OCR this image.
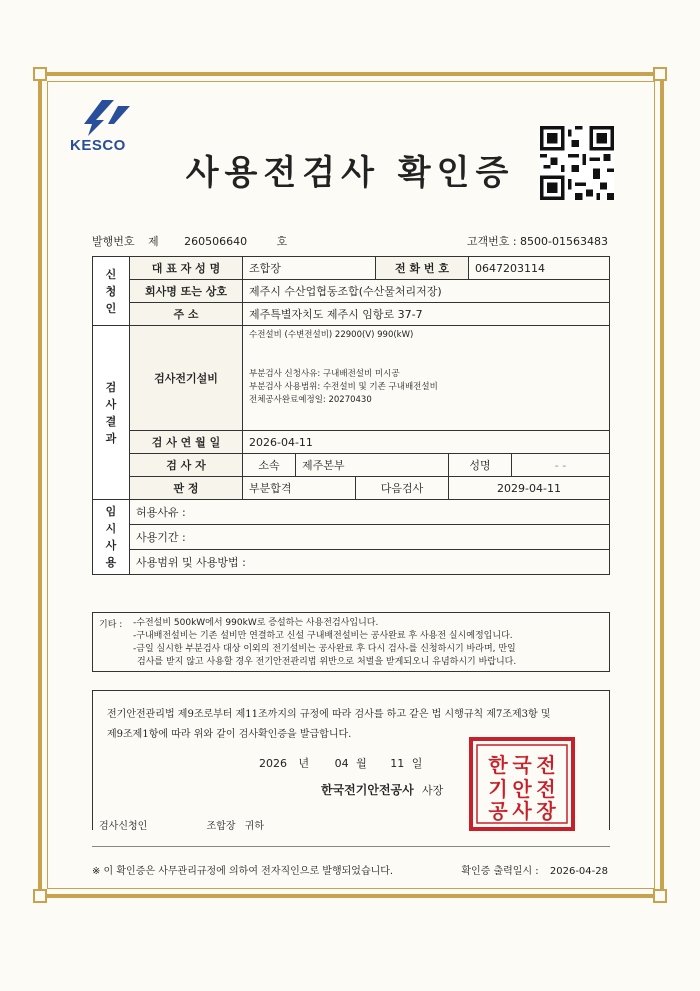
KESCO
사용전검사 확인증
발행번호 제 260506640	호	고객번호 : 8500-01563483
신
청
인
	대 표 자 성 명	조합장	전 화 번 호	0647203114
회사명 또는 상호	제주시 수산업협동조합(수산물처리저장)
주 소	제주특별자치도 제주시 임항로 37-7

검
사
결
과
	검사전기설비	
수전설비 (수변전설비) 22900(V) 990(kW)
부분검사 신청사유: 구내배전설비 미시공
부분검사 사용범위: 수전설비 및 기존 구내배전설비
전체공사완료예정일: 20270430

검 사 연 월 일	2026-04-11
검 사 자		소속	제주본부	성명	- -

판 정		부분합격	다음검사	2029-04-11

임
시
사
용
	허용사유 :
사용기간 :
사용범위 및 사용방법 :
기타 : -수전설비 500kW에서 990kW로 증설하는 사용전검사입니다.
-구내배전설비는 기존 설비만 연결하고 신설 구내배전설비는 공사완료 후 사용전 실시예정입니다.
-금일 실시한 부분검사 대상 이외의 전기설비는 공사완료 후 다시 검사-를 신청하시기 바라며, 만일
검사를 받지 않고 사용할 경우 전기안전관리법 위반으로 처벌을 받게되오니 유념하시기 바랍니다.
전기안전관리법 제9조로부터 제11조까지의 규정에 따라 검사를 하고 같은 법 시행규칙 제7조제3항 및
제9조제1항에 따라 위와 같이 검사확인증을 발급합니다.
2026 년 04 월 11 일
한국전기안전공사 사장
검사신청인	조합장 귀하
한 국 전
기 안 전
공 사 장
※ 이 확인증은 사무관리규정에 의하여 전자직인으로 발행되었습니다.	확인증 출력일시 : 2026-04-28
